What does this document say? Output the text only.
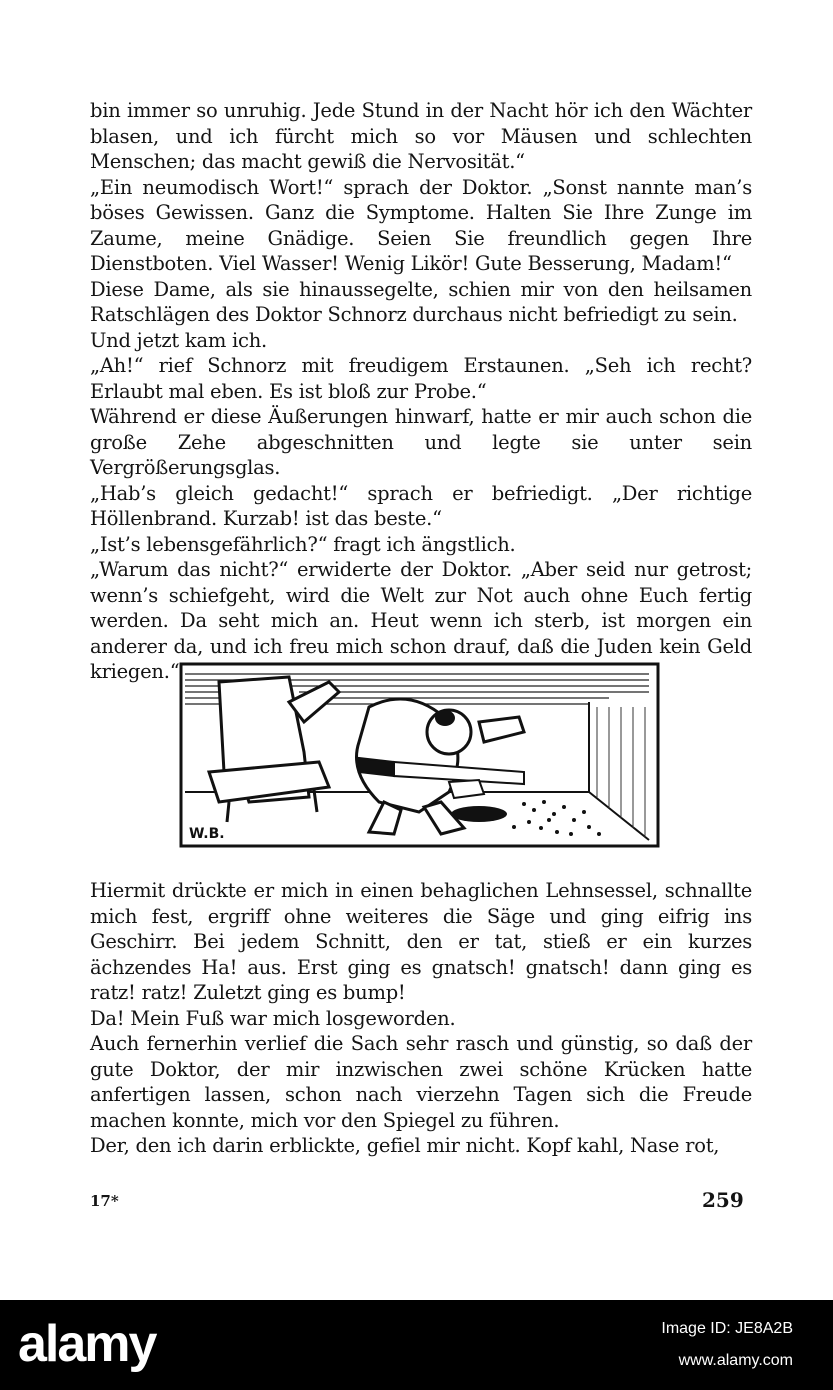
bin immer so unruhig. Jede Stund in der Nacht hör ich den Wächter blasen, und ich fürcht mich so vor Mäusen und schlechten Menschen; das macht gewiß die Nervosität.“

„Ein neumodisch Wort!“ sprach der Doktor. „Sonst nannte man’s böses Gewissen. Ganz die Symptome. Halten Sie Ihre Zunge im Zaume, meine Gnädige. Seien Sie freundlich gegen Ihre Dienstboten. Viel Wasser! Wenig Likör! Gute Besserung, Madam!“

Diese Dame, als sie hinaussegelte, schien mir von den heilsamen Ratschlägen des Doktor Schnorz durchaus nicht befriedigt zu sein.

Und jetzt kam ich.

„Ah!“ rief Schnorz mit freudigem Erstaunen. „Seh ich recht? Erlaubt mal eben. Es ist bloß zur Probe.“

Während er diese Äußerungen hinwarf, hatte er mir auch schon die große Zehe abgeschnitten und legte sie unter sein Vergrößerungsglas.

„Hab’s gleich gedacht!“ sprach er befriedigt. „Der richtige Höllenbrand. Kurzab! ist das beste.“

„Ist’s lebensgefährlich?“ fragt ich ängstlich.

„Warum das nicht?“ erwiderte der Doktor. „Aber seid nur getrost; wenn’s schiefgeht, wird die Welt zur Not auch ohne Euch fertig werden. Da seht mich an. Heut wenn ich sterb, ist morgen ein anderer da, und ich freu mich schon drauf, daß die Juden kein Geld kriegen.“

W.B.

Hiermit drückte er mich in einen behaglichen Lehnsessel, schnallte mich fest, ergriff ohne weiteres die Säge und ging eifrig ins Geschirr. Bei jedem Schnitt, den er tat, stieß er ein kurzes ächzendes Ha! aus. Erst ging es gnatsch! gnatsch! dann ging es ratz! ratz! Zuletzt ging es bump!

Da! Mein Fuß war mich losgeworden.

Auch fernerhin verlief die Sach sehr rasch und günstig, so daß der gute Doktor, der mir inzwischen zwei schöne Krücken hatte anfertigen lassen, schon nach vierzehn Tagen sich die Freude machen konnte, mich vor den Spiegel zu führen.

Der, den ich darin erblickte, gefiel mir nicht. Kopf kahl, Nase rot,

17*	259
alamy	Image ID: JE8A2B
www.alamy.com
